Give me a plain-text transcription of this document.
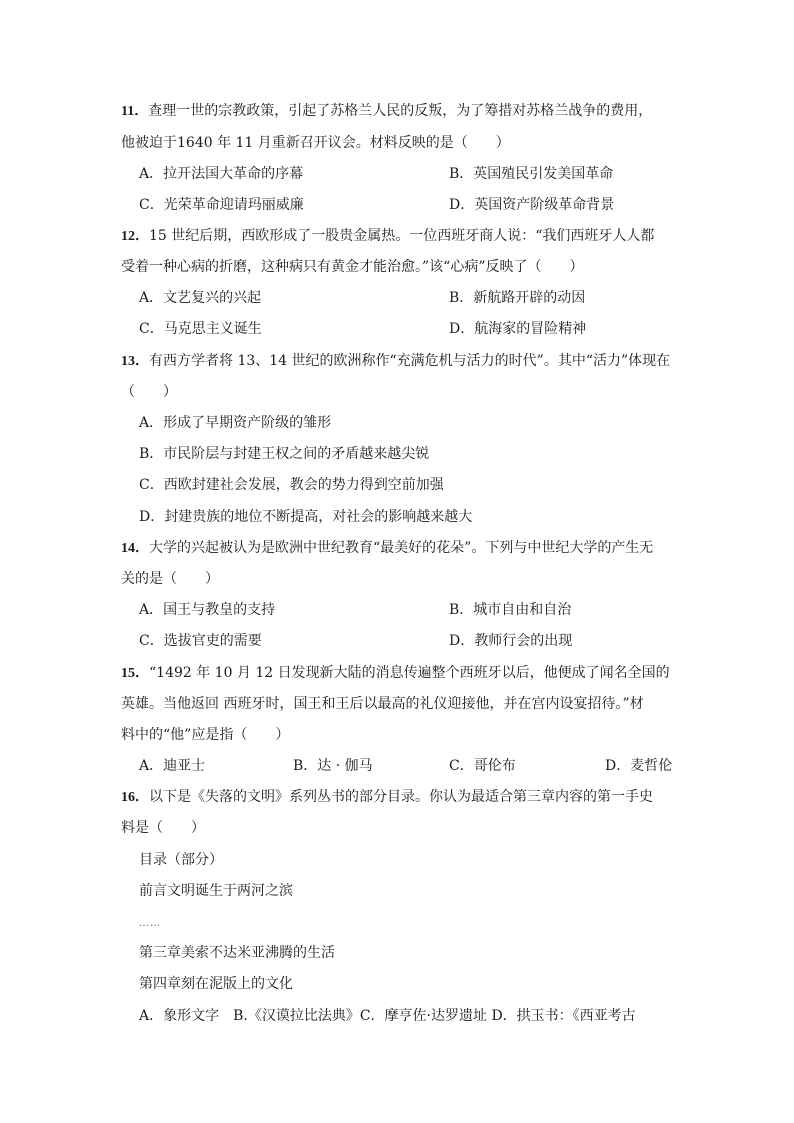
11．查理一世的宗教政策，引起了苏格兰人民的反叛，为了筹措对苏格兰战争的费用，
他被迫于1640 年 11 月重新召开议会。材料反映的是（　　）
A．拉开法国大革命的序幕	B．英国殖民引发美国革命
C．光荣革命迎请玛丽威廉	D．英国资产阶级革命背景
12．15 世纪后期，西欧形成了一股贵金属热。一位西班牙商人说：“我们西班牙人人都
受着一种心病的折磨，这种病只有黄金才能治愈。”该“心病”反映了（　　）
A．文艺复兴的兴起	B．新航路开辟的动因
C．马克思主义诞生	D．航海家的冒险精神
13．有西方学者将 13、14 世纪的欧洲称作“充满危机与活力的时代”。其中“活力”体现在
（　　）
A．形成了早期资产阶级的雏形
B．市民阶层与封建王权之间的矛盾越来越尖锐
C．西欧封建社会发展，教会的势力得到空前加强
D．封建贵族的地位不断提高，对社会的影响越来越大
14．大学的兴起被认为是欧洲中世纪教育“最美好的花朵”。下列与中世纪大学的产生无
关的是（　　）
A．国王与教皇的支持	B．城市自由和自治
C．选拔官吏的需要	D．教师行会的出现
15．“1492 年 10 月 12 日发现新大陆的消息传遍整个西班牙以后，他便成了闻名全国的
英雄。当他返回 西班牙时，国王和王后以最高的礼仪迎接他，并在宫内设宴招待。”材
料中的“他”应是指（　　）
A．迪亚士	B．达 · 伽马	C．哥伦布	D．麦哲伦
16．以下是《失落的文明》系列丛书的部分目录。你认为最适合第三章内容的第一手史
料是（　　）
目录（部分）
前言文明诞生于两河之滨
……
第三章美索不达米亚沸腾的生活
第四章刻在泥版上的文化
A．象形文字　B.《汉谟拉比法典》C．摩亨佐·达罗遗址 D．拱玉书：《西亚考古
